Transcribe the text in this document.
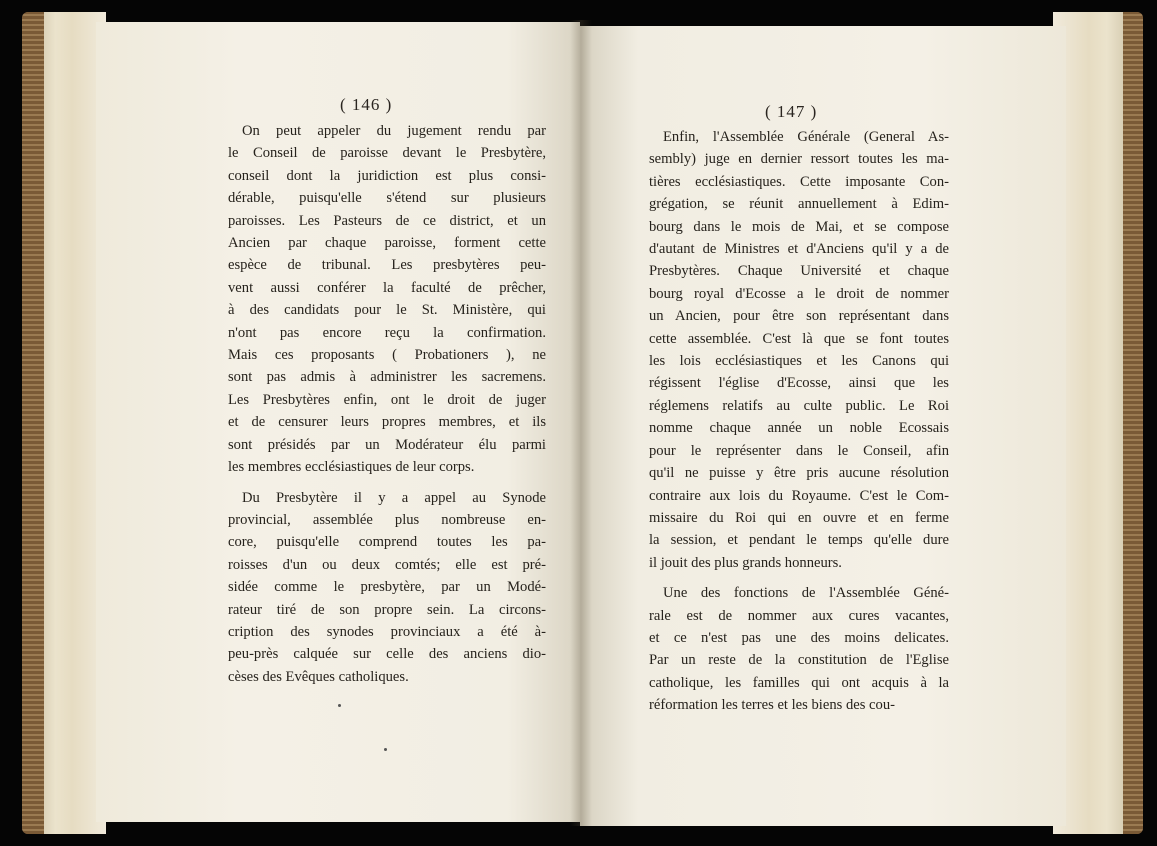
( 146 )	( 147 )
On peut appeler du jugement rendu par
le Conseil de paroisse devant le Presbytère,
conseil dont la juridiction est plus consi-
dérable, puisqu'elle s'étend sur plusieurs
paroisses. Les Pasteurs de ce district, et un
Ancien par chaque paroisse, forment cette
espèce de tribunal. Les presbytères peu-
vent aussi conférer la faculté de prêcher,
à des candidats pour le St. Ministère, qui
n'ont pas encore reçu la confirmation.
Mais ces proposants ( Probationers ), ne
sont pas admis à administrer les sacremens.
Les Presbytères enfin, ont le droit de juger
et de censurer leurs propres membres, et ils
sont présidés par un Modérateur élu parmi
les membres ecclésiastiques de leur corps.
Du Presbytère il y a appel au Synode
provincial, assemblée plus nombreuse en-
core, puisqu'elle comprend toutes les pa-
roisses d'un ou deux comtés; elle est pré-
sidée comme le presbytère, par un Modé-
rateur tiré de son propre sein. La circons-
cription des synodes provinciaux a été à-
peu-près calquée sur celle des anciens dio-
cèses des Evêques catholiques.
Enfin, l'Assemblée Générale (General As-
sembly) juge en dernier ressort toutes les ma-
tières ecclésiastiques. Cette imposante Con-
grégation, se réunit annuellement à Edim-
bourg dans le mois de Mai, et se compose
d'autant de Ministres et d'Anciens qu'il y a de
Presbytères. Chaque Université et chaque
bourg royal d'Ecosse a le droit de nommer
un Ancien, pour être son représentant dans
cette assemblée. C'est là que se font toutes
les lois ecclésiastiques et les Canons qui
régissent l'église d'Ecosse, ainsi que les
réglemens relatifs au culte public. Le Roi
nomme chaque année un noble Ecossais
pour le représenter dans le Conseil, afin
qu'il ne puisse y être pris aucune résolution
contraire aux lois du Royaume. C'est le Com-
missaire du Roi qui en ouvre et en ferme
la session, et pendant le temps qu'elle dure
il jouit des plus grands honneurs.
Une des fonctions de l'Assemblée Géné-
rale est de nommer aux cures vacantes,
et ce n'est pas une des moins delicates.
Par un reste de la constitution de l'Eglise
catholique, les familles qui ont acquis à la
réformation les terres et les biens des cou-
